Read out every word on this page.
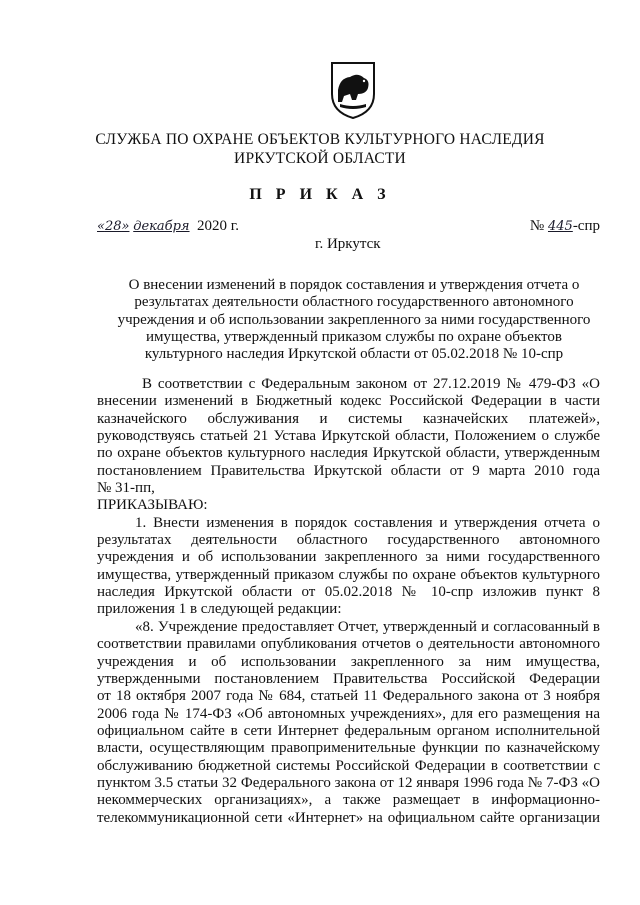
СЛУЖБА ПО ОХРАНЕ ОБЪЕКТОВ КУЛЬТУРНОГО НАСЛЕДИЯ
ИРКУТСКОЙ ОБЛАСТИ
П Р И К А З
«28» декабря 2020 г.	№ 445-спр
г. Иркутск
О внесении изменений в порядок составления и утверждения отчета о
результатах деятельности областного государственного автономного
учреждения и об использовании закрепленного за ними государственного
имущества, утвержденный приказом службы по охране объектов
культурного наследия Иркутской области от 05.02.2018 № 10-спр
В соответствии с Федеральным законом от 27.12.2019 № 479-ФЗ «О
внесении изменений в Бюджетный кодекс Российской Федерации в части
казначейского обслуживания и системы казначейских платежей»,
руководствуясь статьей 21 Устава Иркутской области, Положением о службе
по охране объектов культурного наследия Иркутской области, утвержденным
постановлением Правительства Иркутской области от 9 марта 2010 года
№ 31-пп,
ПРИКАЗЫВАЮ:
1. Внести изменения в порядок составления и утверждения отчета о
результатах деятельности областного государственного автономного
учреждения и об использовании закрепленного за ними государственного
имущества, утвержденный приказом службы по охране объектов культурного
наследия Иркутской области от 05.02.2018 № 10-спр изложив пункт 8
приложения 1 в следующей редакции:
«8. Учреждение предоставляет Отчет, утвержденный и согласованный в
соответствии правилами опубликования отчетов о деятельности автономного
учреждения и об использовании закрепленного за ним имущества,
утвержденными постановлением Правительства Российской Федерации
от 18 октября 2007 года № 684, статьей 11 Федерального закона от 3 ноября
2006 года № 174-ФЗ «Об автономных учреждениях», для его размещения на
официальном сайте в сети Интернет федеральным органом исполнительной
власти, осуществляющим правоприменительные функции по казначейскому
обслуживанию бюджетной системы Российской Федерации в соответствии с
пунктом 3.5 статьи 32 Федерального закона от 12 января 1996 года № 7-ФЗ «О
некоммерческих организациях», а также размещает в информационно-
телекоммуникационной сети «Интернет» на официальном сайте организации
